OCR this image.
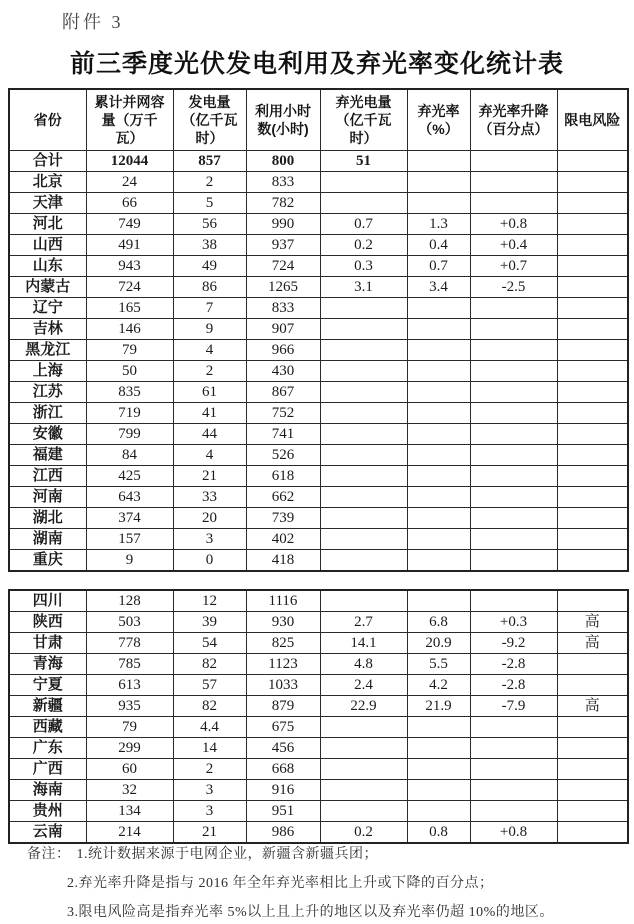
附件 3
前三季度光伏发电利用及弃光率变化统计表
省份	累计并网容量（万千瓦）	发电量（亿千瓦时）	利用小时数(小时)	弃光电量（亿千瓦时）	弃光率（%）	弃光率升降（百分点）	限电风险
合计	12044	857	800	51			
北京	24	2	833				
天津	66	5	782				
河北	749	56	990	0.7	1.3	+0.8	
山西	491	38	937	0.2	0.4	+0.4	
山东	943	49	724	0.3	0.7	+0.7	
内蒙古	724	86	1265	3.1	3.4	-2.5	
辽宁	165	7	833				
吉林	146	9	907				
黑龙江	79	4	966				
上海	50	2	430				
江苏	835	61	867				
浙江	719	41	752				
安徽	799	44	741				
福建	84	4	526				
江西	425	21	618				
河南	643	33	662				
湖北	374	20	739				
湖南	157	3	402				
重庆	9	0	418				
四川	128	12	1116				
陕西	503	39	930	2.7	6.8	+0.3	高
甘肃	778	54	825	14.1	20.9	-9.2	高
青海	785	82	1123	4.8	5.5	-2.8	
宁夏	613	57	1033	2.4	4.2	-2.8	
新疆	935	82	879	22.9	21.9	-7.9	高
西藏	79	4.4	675				
广东	299	14	456				
广西	60	2	668				
海南	32	3	916				
贵州	134	3	951				
云南	214	21	986	0.2	0.8	+0.8	
备注： 1.统计数据来源于电网企业，新疆含新疆兵团；
2.弃光率升降是指与 2016 年全年弃光率相比上升或下降的百分点；
3.限电风险高是指弃光率 5%以上且上升的地区以及弃光率仍超 10%的地区。
